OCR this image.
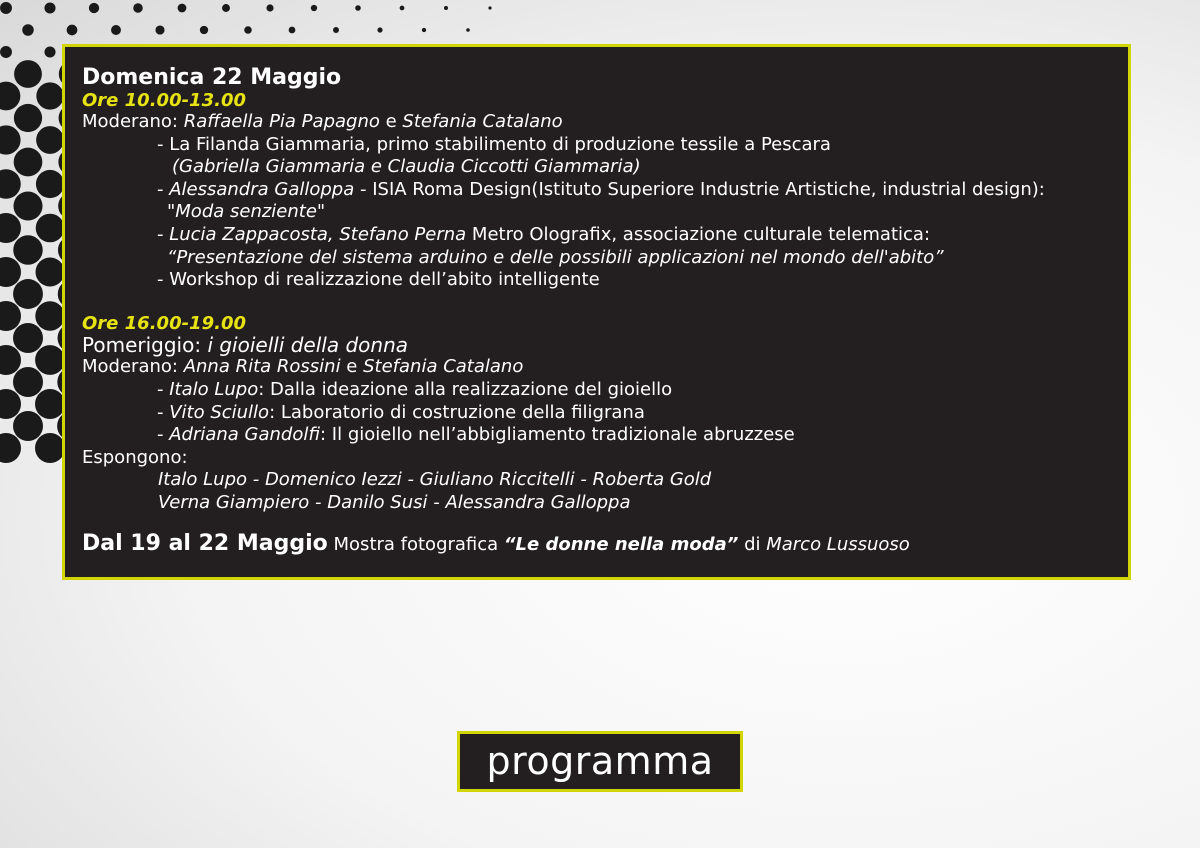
Domenica 22 Maggio
Ore 10.00-13.00
Moderano: Raffaella Pia Papagno e Stefania Catalano
- La Filanda Giammaria, primo stabilimento di produzione tessile a Pescara
(Gabriella Giammaria e Claudia Ciccotti Giammaria)
- Alessandra Galloppa - ISIA Roma Design(Istituto Superiore Industrie Artistiche, industrial design):
"Moda senziente"
- Lucia Zappacosta, Stefano Perna Metro Olografix, associazione culturale telematica:
“Presentazione del sistema arduino e delle possibili applicazioni nel mondo dell'abito”
- Workshop di realizzazione dell’abito intelligente
Ore 16.00-19.00
Pomeriggio: i gioielli della donna
Moderano: Anna Rita Rossini e Stefania Catalano
- Italo Lupo: Dalla ideazione alla realizzazione del gioiello
- Vito Sciullo: Laboratorio di costruzione della filigrana
- Adriana Gandolfi: Il gioiello nell’abbigliamento tradizionale abruzzese
Espongono:
Italo Lupo - Domenico Iezzi - Giuliano Riccitelli - Roberta Gold
Verna Giampiero - Danilo Susi - Alessandra Galloppa
Dal 19 al 22 Maggio Mostra fotografica “Le donne nella moda” di Marco Lussuoso
programma
